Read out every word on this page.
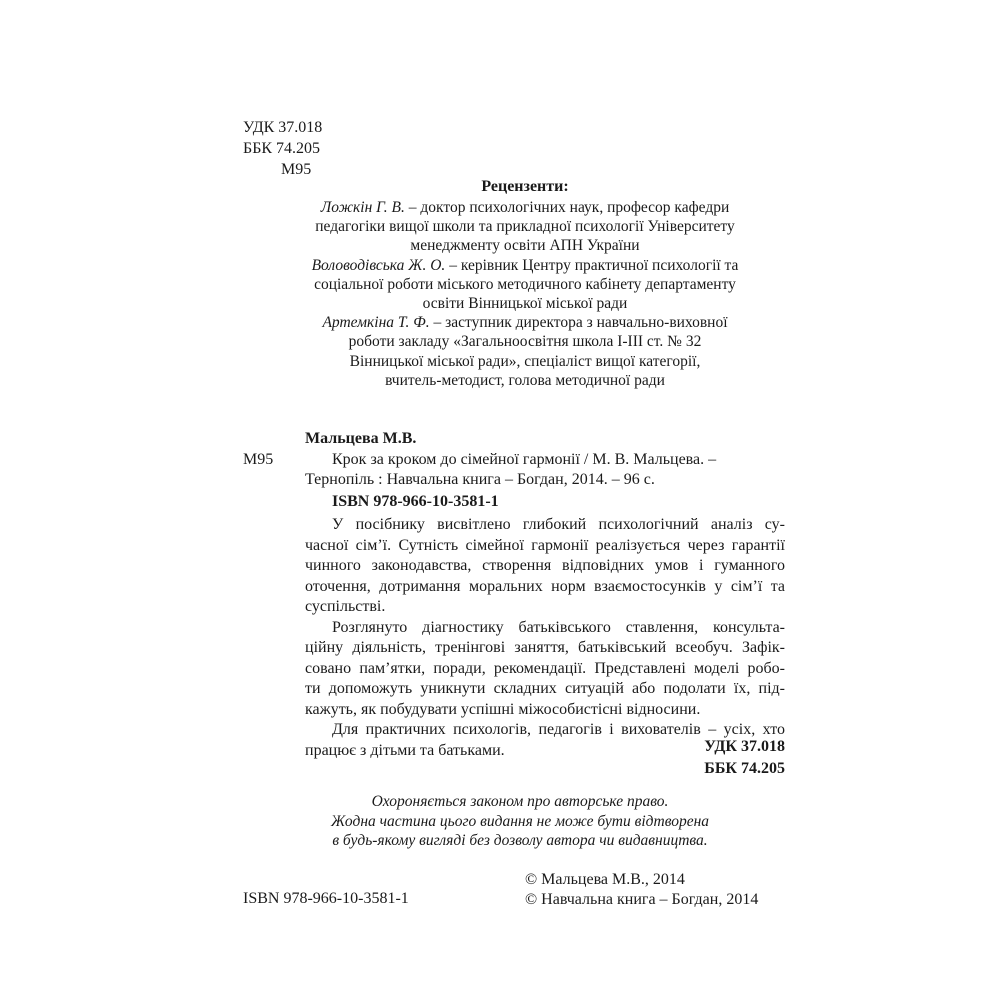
УДК 37.018
ББК 74.205
М95
Рецензенти:
Ложкін Г. В. – доктор психологічних наук, професор кафедри
педагогіки вищої школи та прикладної психології Університету
менеджменту освіти АПН України
Воловодівська Ж. О. – керівник Центру практичної психології та
соціальної роботи міського методичного кабінету департаменту
освіти Вінницької міської ради
Артемкіна Т. Ф. – заступник директора з навчально-виховної
роботи закладу «Загальноосвітня школа І-ІІІ ст. № 32
Вінницької міської ради», спеціаліст вищої категорії,
вчитель-методист, голова методичної ради
Мальцева М.В.
М95	Крок за кроком до сімейної гармонії / М. В. Мальцева. –
Тернопіль : Навчальна книга – Богдан, 2014. – 96 с.
ISBN 978-966-10-3581-1
У посібнику висвітлено глибокий психологічний аналіз су-
часної сім’ї. Сутність сімейної гармонії реалізується через гарантії
чинного законодавства, створення відповідних умов і гуманного
оточення, дотримання моральних норм взаємостосунків у сім’ї та
суспільстві.
Розглянуто діагностику батьківського ставлення, консульта-
ційну діяльність, тренінгові заняття, батьківський всеобуч. Зафік-
совано пам’ятки, поради, рекомендації. Представлені моделі робо-
ти допоможуть уникнути складних ситуацій або подолати їх, під-
кажуть, як побудувати успішні міжособистісні відносини.
Для практичних психологів, педагогів і вихователів – усіх, хто
працює з дітьми та батьками.	УДК 37.018
ББК 74.205
Охороняється законом про авторське право.
Жодна частина цього видання не може бути відтворена
в будь-якому вигляді без дозволу автора чи видавництва.
ISBN 978-966-10-3581-1
© Мальцева М.В., 2014
© Навчальна книга – Богдан, 2014
